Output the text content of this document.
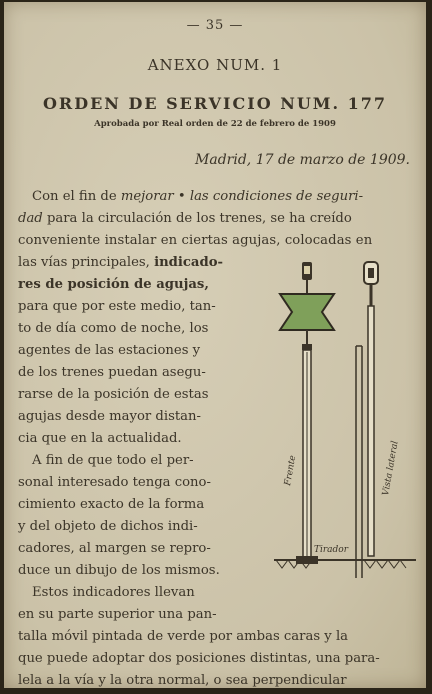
— 35 —
ANEXO NUM. 1
ORDEN DE SERVICIO NUM. 177
Aprobada por Real orden de 22 de febrero de 1909
Madrid, 17 de marzo de 1909.
Con el fin de mejorar • las condiciones de seguri-
dad para la circulación de los trenes, se ha creído
conveniente instalar en ciertas agujas, colocadas en
las vías principales, indicado-
res de posición de agujas,
para que por este medio, tan-
to de día como de noche, los
agentes de las estaciones y
de los trenes puedan asegu-
rarse de la posición de estas
agujas desde mayor distan-
cia que en la actualidad.
A fin de que todo el per-
sonal interesado tenga cono-
cimiento exacto de la forma
y del objeto de dichos indi-
cadores, al margen se repro-
duce un dibujo de los mismos.
Estos indicadores llevan
en su parte superior una pan-
talla móvil pintada de verde por ambas caras y la
que puede adoptar dos posiciones distintas, una para-
lela a la vía y la otra normal, o sea perpendicular
Frente	Vista lateral
Tirador
